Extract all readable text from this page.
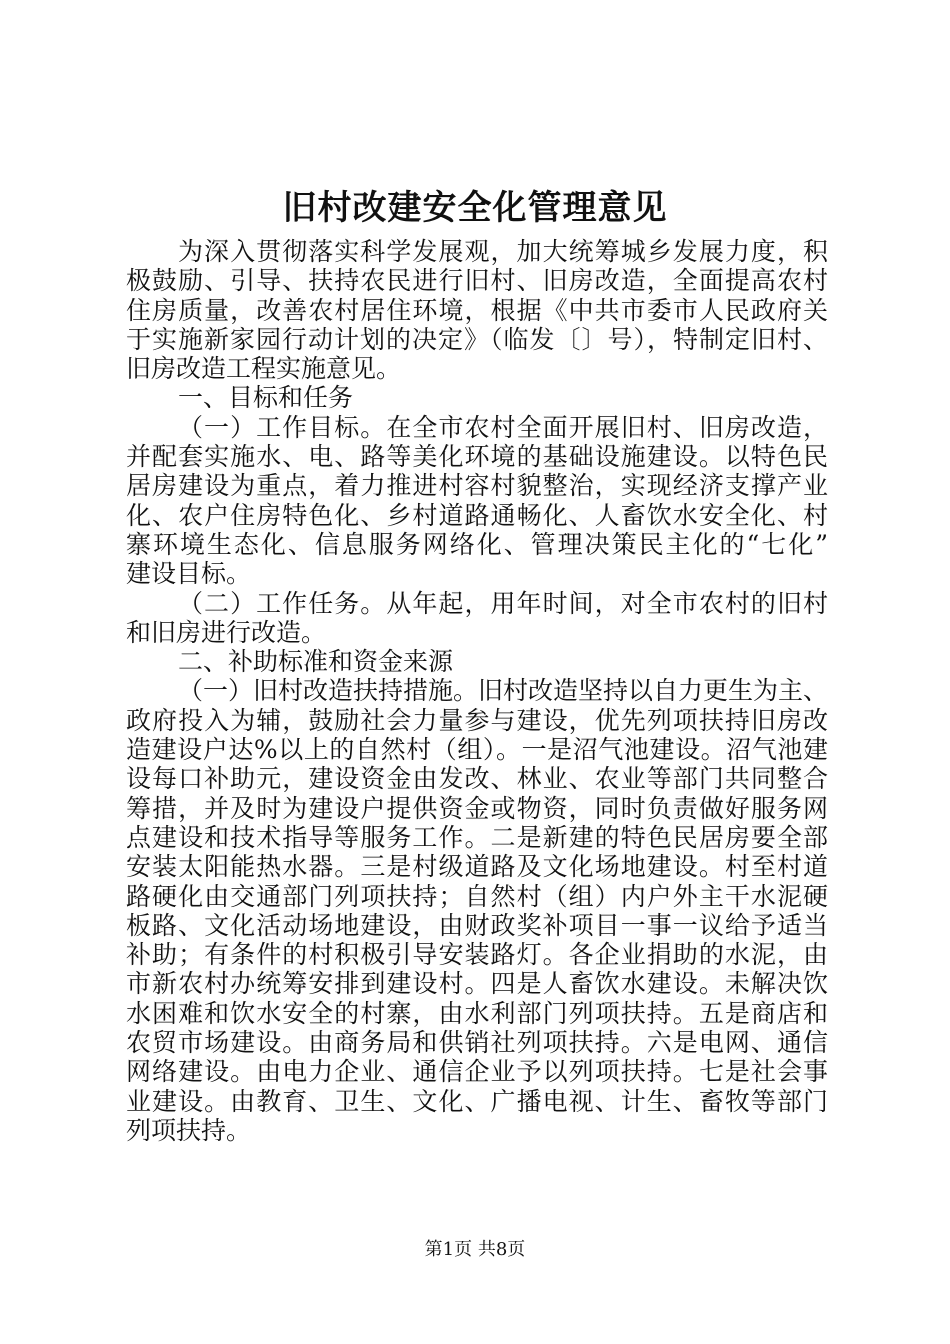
旧村改建安全化管理意见
为深入贯彻落实科学发展观，加大统筹城乡发展力度，积
极鼓励、引导、扶持农民进行旧村、旧房改造，全面提高农村
住房质量，改善农村居住环境，根据《中共市委市人民政府关
于实施新家园行动计划的决定》（临发〔〕号），特制定旧村、
旧房改造工程实施意见。
一、目标和任务
（一）工作目标。在全市农村全面开展旧村、旧房改造，
并配套实施水、电、路等美化环境的基础设施建设。以特色民
居房建设为重点，着力推进村容村貌整治，实现经济支撑产业
化、农户住房特色化、乡村道路通畅化、人畜饮水安全化、村
寨环境生态化、信息服务网络化、管理决策民主化的“七化”
建设目标。
（二）工作任务。从年起，用年时间，对全市农村的旧村
和旧房进行改造。
二、补助标准和资金来源
（一）旧村改造扶持措施。旧村改造坚持以自力更生为主、
政府投入为辅，鼓励社会力量参与建设，优先列项扶持旧房改
造建设户达%以上的自然村（组）。一是沼气池建设。沼气池建
设每口补助元，建设资金由发改、林业、农业等部门共同整合
筹措，并及时为建设户提供资金或物资，同时负责做好服务网
点建设和技术指导等服务工作。二是新建的特色民居房要全部
安装太阳能热水器。三是村级道路及文化场地建设。村至村道
路硬化由交通部门列项扶持；自然村（组）内户外主干水泥硬
板路、文化活动场地建设，由财政奖补项目一事一议给予适当
补助；有条件的村积极引导安装路灯。各企业捐助的水泥，由
市新农村办统筹安排到建设村。四是人畜饮水建设。未解决饮
水困难和饮水安全的村寨，由水利部门列项扶持。五是商店和
农贸市场建设。由商务局和供销社列项扶持。六是电网、通信
网络建设。由电力企业、通信企业予以列项扶持。七是社会事
业建设。由教育、卫生、文化、广播电视、计生、畜牧等部门
列项扶持。
第1页 共8页
